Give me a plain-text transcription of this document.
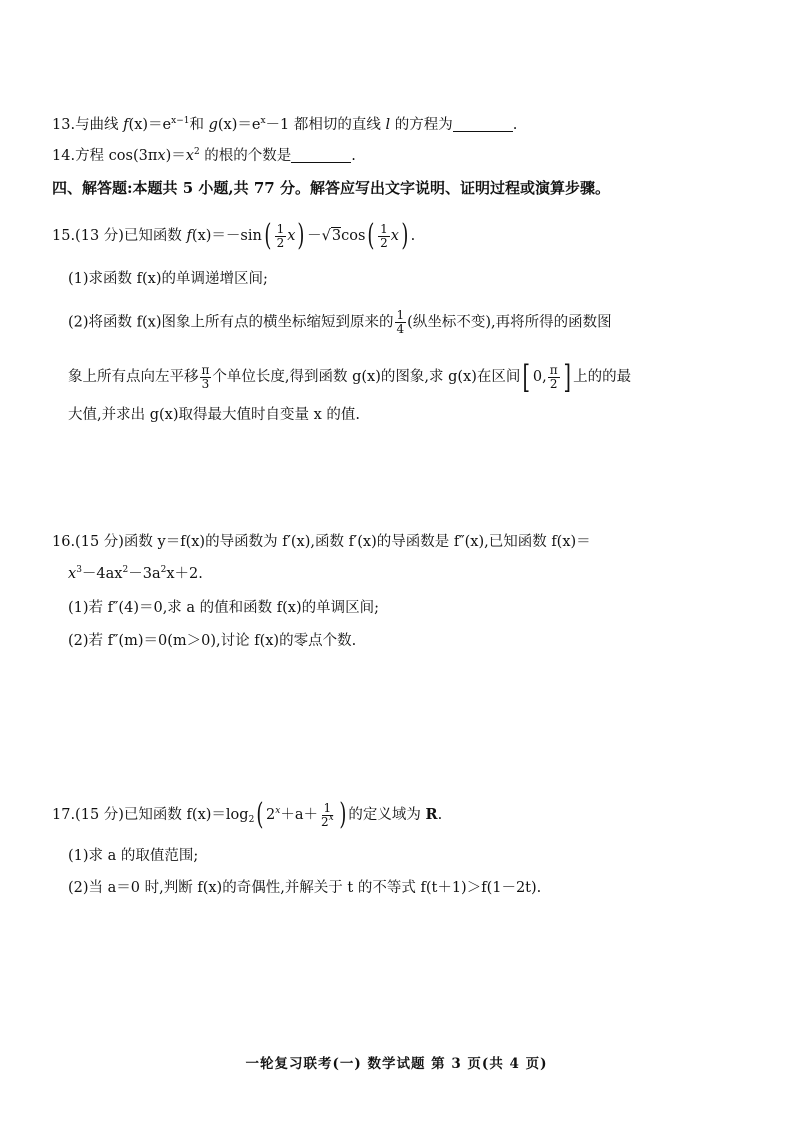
13.与曲线 $f(x)=e^{x-1}$和 $g(x)=e^x-1$ 都相切的直线 l 的方程为	.
14.方程 $\cos(3\pi x)=x^2$ 的根的个数是	.
四、解答题:本题共 5 小题,共 77 分。解答应写出文字说明、证明过程或演算步骤。
15.(13 分)已知函数 $f(x)=-\sin( \frac{1}{2} x) -√3\cos( \frac{1}{2} x)$ .
(1)求函数 f(x)的单调递增区间;
(2)将函数 f(x)图象上所有点的横坐标缩短到原来的 $\frac{1}{4}$ (纵坐标不变),再将所得的函数图
象上所有点向左平移 $\frac{\pi}{3}$ 个单位长度,得到函数 g(x)的图象,求 g(x)在区间[ 0, $\frac{\pi}{2}$ ] 上的的最
大值,并求出 g(x)取得最大值时自变量 x 的值.
16.(15 分)函数 y＝f(x)的导函数为 f′(x),函数 f′(x)的导函数是 f″(x),已知函数 f(x)＝
$x^3-4ax^2-3a^2x+2$.
(1)若 f″(4)＝0,求 a 的值和函数 f(x)的单调区间;
(2)若 f″(m)＝0(m＞0),讨论 f(x)的零点个数.
17.(15 分)已知函数 $f(x)=\log_2$( $2^x+a+ \frac{1}{2^x}$ ) 的定义域为 R.
(1)求 a 的取值范围;
(2)当 a＝0 时,判断 f(x)的奇偶性,并解关于 t 的不等式 f(t＋1)＞f(1－2t).
一轮复习联考(一) 数学试题 第 3 页(共 4 页)
